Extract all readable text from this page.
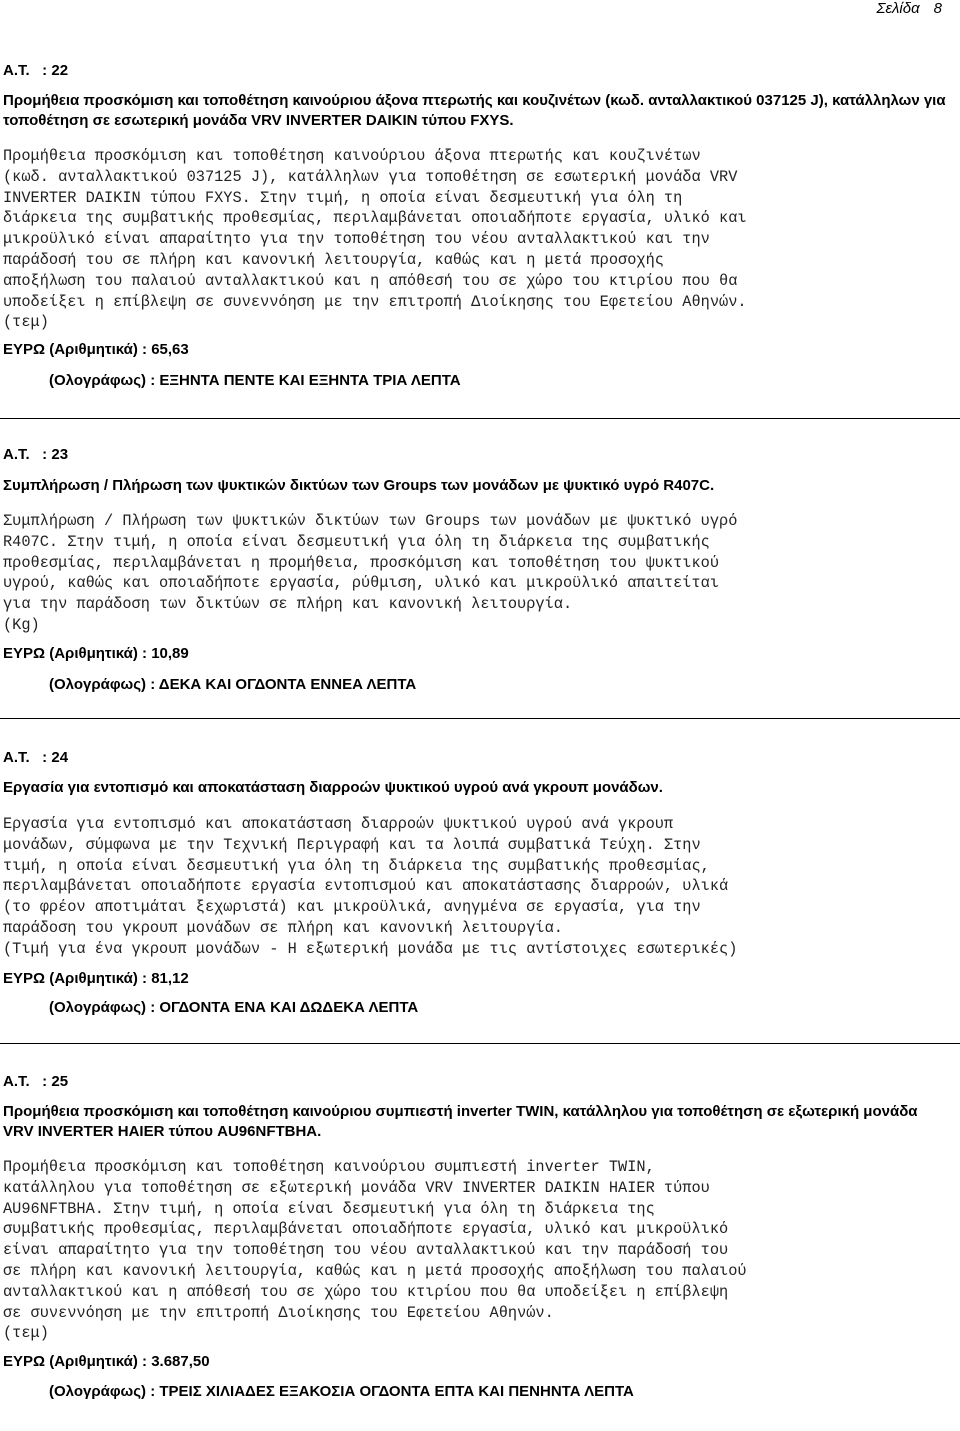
Σελίδα 8
Α.Τ.   : 22
Προμήθεια προσκόμιση και τοποθέτηση καινούριου άξονα πτερωτής και κουζινέτων (κωδ. ανταλλακτικού 037125 J), κατάλληλων για τοποθέτηση σε εσωτερική μονάδα VRV INVERTER DAIKIN τύπου FXYS.
Προμήθεια προσκόμιση και τοποθέτηση καινούριου άξονα πτερωτής και κουζινέτων
(κωδ. ανταλλακτικού 037125 J), κατάλληλων για τοποθέτηση σε εσωτερική μονάδα VRV
INVERTER DAIKIN τύπου FXYS. Στην τιμή, η οποία είναι δεσμευτική για όλη τη
διάρκεια της συμβατικής προθεσμίας, περιλαμβάνεται οποιαδήποτε εργασία, υλικό και
μικροϋλικό είναι απαραίτητο για την τοποθέτηση του νέου ανταλλακτικού και την
παράδοσή του σε πλήρη και κανονική λειτουργία, καθώς και η μετά προσοχής
αποξήλωση του παλαιού ανταλλακτικού και η απόθεσή του σε χώρο του κτιρίου που θα
υποδείξει η επίβλεψη σε συνεννόηση με την επιτροπή Διοίκησης του Εφετείου Αθηνών.
(τεμ)
ΕΥΡΩ (Αριθμητικά) : 65,63
(Ολογράφως) : ΕΞΗΝΤΑ ΠΕΝΤΕ ΚΑΙ ΕΞΗΝΤΑ ΤΡΙΑ ΛΕΠΤΑ
Α.Τ.   : 23
Συμπλήρωση / Πλήρωση των ψυκτικών δικτύων των Groups των μονάδων με ψυκτικό υγρό R407C.
Συμπλήρωση / Πλήρωση των ψυκτικών δικτύων των Groups των μονάδων με ψυκτικό υγρό
R407C. Στην τιμή, η οποία είναι δεσμευτική για όλη τη διάρκεια της συμβατικής
προθεσμίας, περιλαμβάνεται η προμήθεια, προσκόμιση και τοποθέτηση του ψυκτικού
υγρού, καθώς και οποιαδήποτε εργασία, ρύθμιση, υλικό και μικροϋλικό απαιτείται
για την παράδοση των δικτύων σε πλήρη και κανονική λειτουργία.
(Kg)
ΕΥΡΩ (Αριθμητικά) : 10,89
(Ολογράφως) : ΔΕΚΑ ΚΑΙ ΟΓΔΟΝΤΑ ΕΝΝΕΑ ΛΕΠΤΑ
Α.Τ.   : 24
Εργασία για εντοπισμό και αποκατάσταση διαρροών ψυκτικού υγρού ανά γκρουπ μονάδων.
Εργασία για εντοπισμό και αποκατάσταση διαρροών ψυκτικού υγρού ανά γκρουπ
μονάδων, σύμφωνα με την Τεχνική Περιγραφή και τα λοιπά συμβατικά Τεύχη. Στην
τιμή, η οποία είναι δεσμευτική για όλη τη διάρκεια της συμβατικής προθεσμίας,
περιλαμβάνεται οποιαδήποτε εργασία εντοπισμού και αποκατάστασης διαρροών, υλικά
(το φρέον αποτιμάται ξεχωριστά) και μικροϋλικά, ανηγμένα σε εργασία, για την
παράδοση του γκρουπ μονάδων σε πλήρη και κανονική λειτουργία.
(Τιμή για ένα γκρουπ μονάδων - Η εξωτερική μονάδα με τις αντίστοιχες εσωτερικές)
ΕΥΡΩ (Αριθμητικά) : 81,12
(Ολογράφως) : ΟΓΔΟΝΤΑ ΕΝΑ ΚΑΙ ΔΩΔΕΚΑ ΛΕΠΤΑ
Α.Τ.   : 25
Προμήθεια προσκόμιση και τοποθέτηση καινούριου συμπιεστή inverter TWIN, κατάλληλου για τοποθέτηση σε εξωτερική μονάδα VRV INVERTER HAIER τύπου AU96NFTBHA.
Προμήθεια προσκόμιση και τοποθέτηση καινούριου συμπιεστή inverter TWIN,
κατάλληλου για τοποθέτηση σε εξωτερική μονάδα VRV INVERTER DAIKIN HAIER τύπου
AU96NFTBHA. Στην τιμή, η οποία είναι δεσμευτική για όλη τη διάρκεια της
συμβατικής προθεσμίας, περιλαμβάνεται οποιαδήποτε εργασία, υλικό και μικροϋλικό
είναι απαραίτητο για την τοποθέτηση του νέου ανταλλακτικού και την παράδοσή του
σε πλήρη και κανονική λειτουργία, καθώς και η μετά προσοχής αποξήλωση του παλαιού
ανταλλακτικού και η απόθεσή του σε χώρο του κτιρίου που θα υποδείξει η επίβλεψη
σε συνεννόηση με την επιτροπή Διοίκησης του Εφετείου Αθηνών.
(τεμ)
ΕΥΡΩ (Αριθμητικά) : 3.687,50
(Ολογράφως) : ΤΡΕΙΣ ΧΙΛΙΑΔΕΣ ΕΞΑΚΟΣΙΑ ΟΓΔΟΝΤΑ ΕΠΤΑ ΚΑΙ ΠΕΝΗΝΤΑ ΛΕΠΤΑ
